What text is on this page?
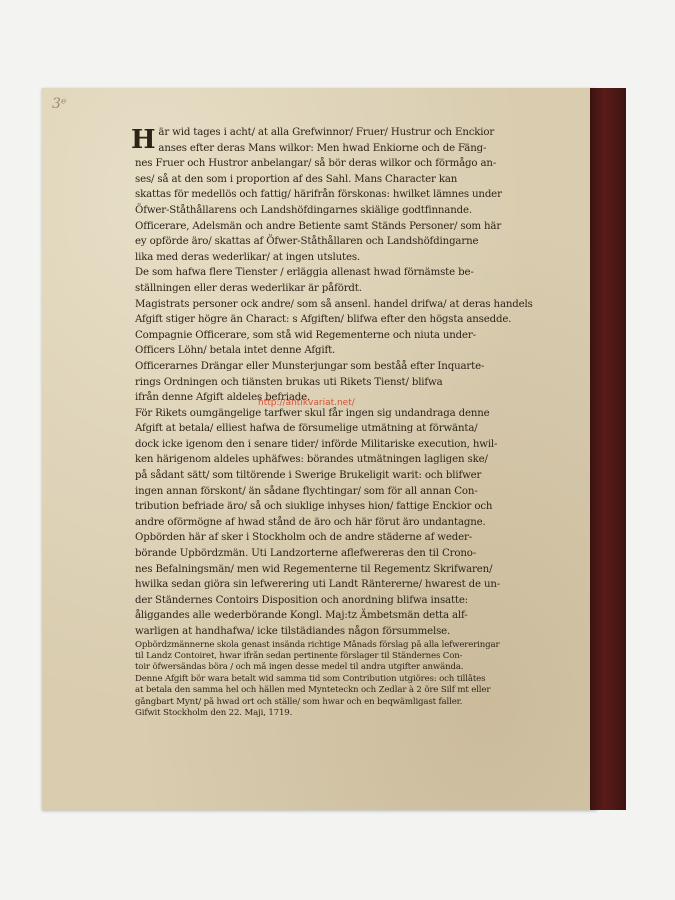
3ᵉ
H är wid tages i acht/ at alla Grefwinnor/ Fruer/ Hustrur och Enckior
anses efter deras Mans wilkor: Men hwad Enkiorne och de Fäng-
nes Fruer och Hustror anbelangar/ så bör deras wilkor och förmågo an-
ses/ så at den som i proportion af des Sahl. Mans Character kan
skattas för medellös och fattig/ härifrån förskonas: hwilket lämnes under
Öfwer-Ståthållarens och Landshöfdingarnes skiälige godtfinnande.
Officerare, Adelsmän och andre Betiente samt Ständs Personer/ som här
ey opförde äro/ skattas af Öfwer-Ståthållaren och Landshöfdingarne
lika med deras wederlikar/ at ingen utslutes.
De som hafwa flere Tienster / erläggia allenast hwad förnämste be-
ställningen eller deras wederlikar är påfördt.
Magistrats personer ock andre/ som så ansenl. handel drifwa/ at deras handels
Afgift stiger högre än Charact: s Afgiften/ blifwa efter den högsta ansedde.
Compagnie Officerare, som stå wid Regementerne och niuta under-
Officers Löhn/ betala intet denne Afgift.
Officerarnes Drängar eller Munsterjungar som beståå efter Inquarte-
rings Ordningen och tiänsten brukas uti Rikets Tienst/ blifwa
ifrån denne Afgift aldeles befriade.
För Rikets oumgängelige tarfwer skul får ingen sig undandraga denne
Afgift at betala/ elliest hafwa de försumelige utmätning at förwänta/
dock icke igenom den i senare tider/ införde Militariske execution, hwil-
ken härigenom aldeles uphäfwes: börandes utmätningen lagligen ske/
på sådant sätt/ som tiltörende i Swerige Brukeligit warit: och blifwer
ingen annan förskont/ än sådane flychtingar/ som för all annan Con-
tribution befriade äro/ så och siuklige inhyses hion/ fattige Enckior och
andre oförmögne af hwad stånd de äro och här förut äro undantagne.
Opbörden här af sker i Stockholm och de andre städerne af weder-
börande Upbördzmän. Uti Landzorterne aflefwereras den til Crono-
nes Befalningsmän/ men wid Regementerne til Regementz Skrifwaren/
hwilka sedan giöra sin lefwerering uti Landt Räntererne/ hwarest de un-
der Ständernes Contoirs Disposition och anordning blifwa insatte:
åliggandes alle wederbörande Kongl. Maj:tz Ämbetsmän detta alf-
warligen at handhafwa/ icke tilstädiandes någon försummelse.
Opbördzmännerne skola genast insända richtige Månads förslag på alla lefwereringar
til Landz Contoiret, hwar ifrån sedan pertinente förslager til Ständernes Con-
toir öfwersändas böra / och må ingen desse medel til andra utgifter anwända.
Denne Afgift bör wara betalt wid samma tid som Contribution utgiöres: och tillåtes
at betala den samma hel och hällen med Mynteteckn och Zedlar à 2 öre Silf mt eller
gångbart Mynt/ på hwad ort och ställe/ som hwar och en beqwämligast faller.
Gifwit Stockholm den 22. Maji, 1719.
http://antikvariat.net/
